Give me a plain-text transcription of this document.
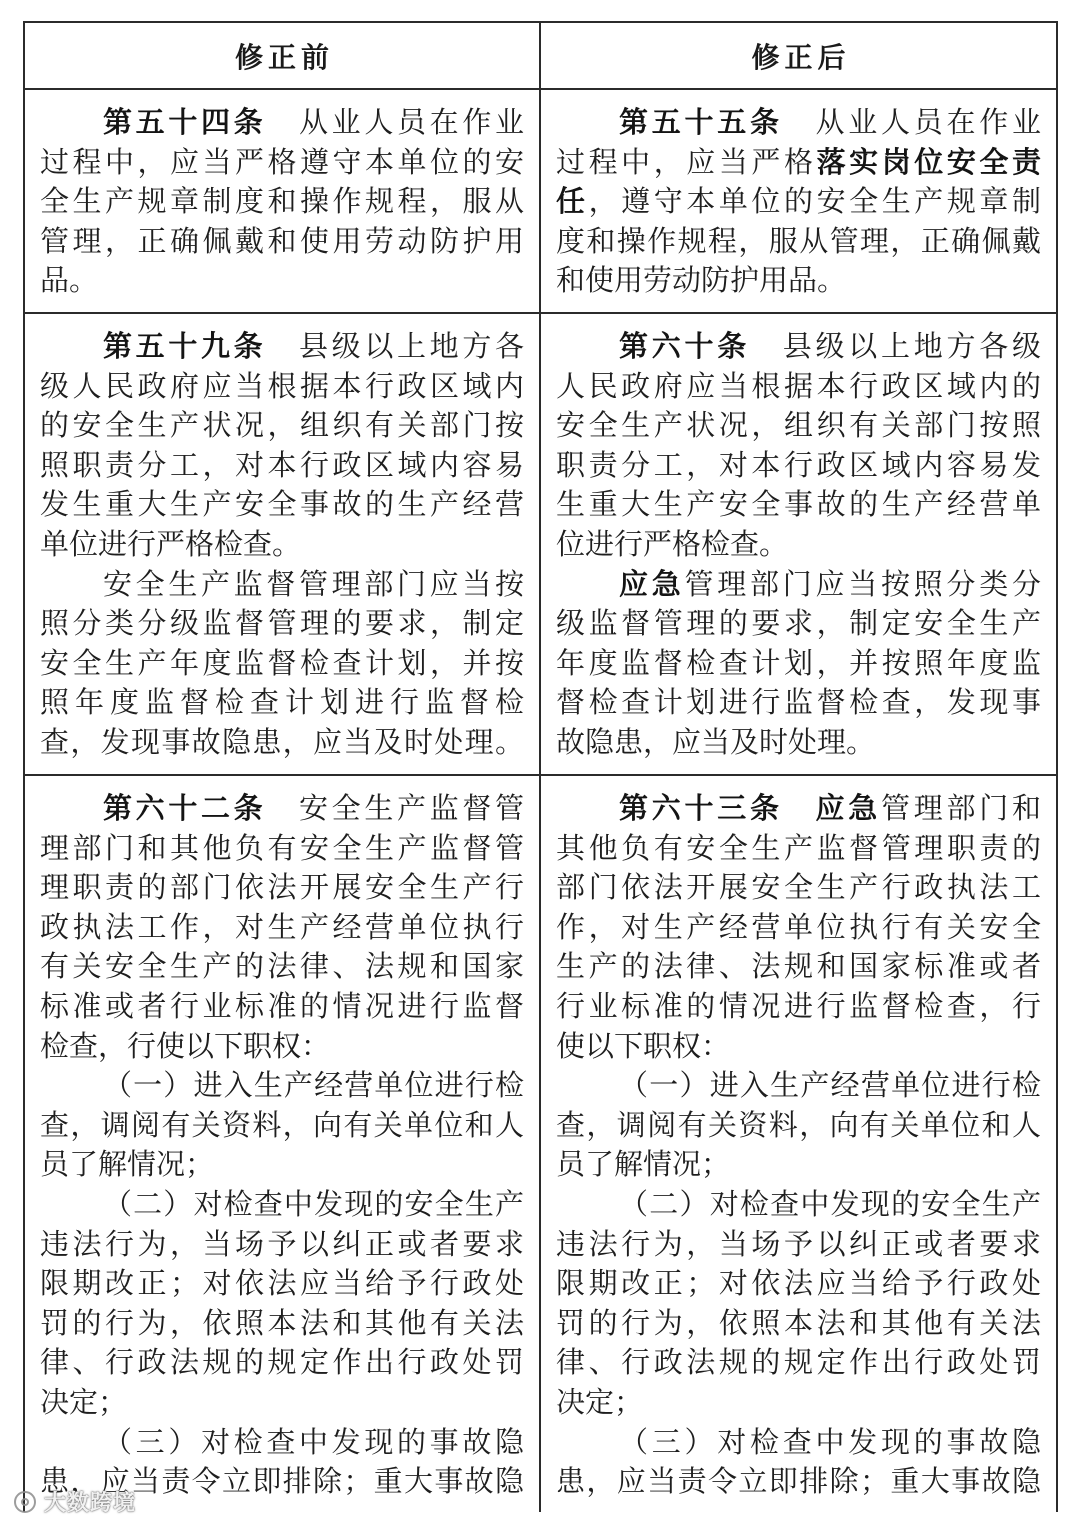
修正前	修正后
第五十四条　从业人员在作业
过程中，应当严格遵守本单位的安
全生产规章制度和操作规程，服从
管理，正确佩戴和使用劳动防护用
品。
第五十五条　从业人员在作业
过程中，应当严格落实岗位安全责
任，遵守本单位的安全生产规章制
度和操作规程，服从管理，正确佩戴
和使用劳动防护用品。
第五十九条　县级以上地方各
级人民政府应当根据本行政区域内
的安全生产状况，组织有关部门按
照职责分工，对本行政区域内容易
发生重大生产安全事故的生产经营
单位进行严格检查。
安全生产监督管理部门应当按
照分类分级监督管理的要求，制定
安全生产年度监督检查计划，并按
照年度监督检查计划进行监督检
查，发现事故隐患，应当及时处理。
第六十条　县级以上地方各级
人民政府应当根据本行政区域内的
安全生产状况，组织有关部门按照
职责分工，对本行政区域内容易发
生重大生产安全事故的生产经营单
位进行严格检查。
应急管理部门应当按照分类分
级监督管理的要求，制定安全生产
年度监督检查计划，并按照年度监
督检查计划进行监督检查，发现事
故隐患，应当及时处理。
第六十二条　安全生产监督管
理部门和其他负有安全生产监督管
理职责的部门依法开展安全生产行
政执法工作，对生产经营单位执行
有关安全生产的法律、法规和国家
标准或者行业标准的情况进行监督
检查，行使以下职权：
（一）进入生产经营单位进行检
查，调阅有关资料，向有关单位和人
员了解情况；
（二）对检查中发现的安全生产
违法行为，当场予以纠正或者要求
限期改正；对依法应当给予行政处
罚的行为，依照本法和其他有关法
律、行政法规的规定作出行政处罚
决定；
（三）对检查中发现的事故隐
患，应当责令立即排除；重大事故隐
第六十三条　 应急管理部门和
其他负有安全生产监督管理职责的
部门依法开展安全生产行政执法工
作，对生产经营单位执行有关安全
生产的法律、法规和国家标准或者
行业标准的情况进行监督检查，行
使以下职权：
（一）进入生产经营单位进行检
查，调阅有关资料，向有关单位和人
员了解情况；
（二）对检查中发现的安全生产
违法行为，当场予以纠正或者要求
限期改正；对依法应当给予行政处
罚的行为，依照本法和其他有关法
律、行政法规的规定作出行政处罚
决定；
（三）对检查中发现的事故隐
患，应当责令立即排除；重大事故隐
大数跨境
